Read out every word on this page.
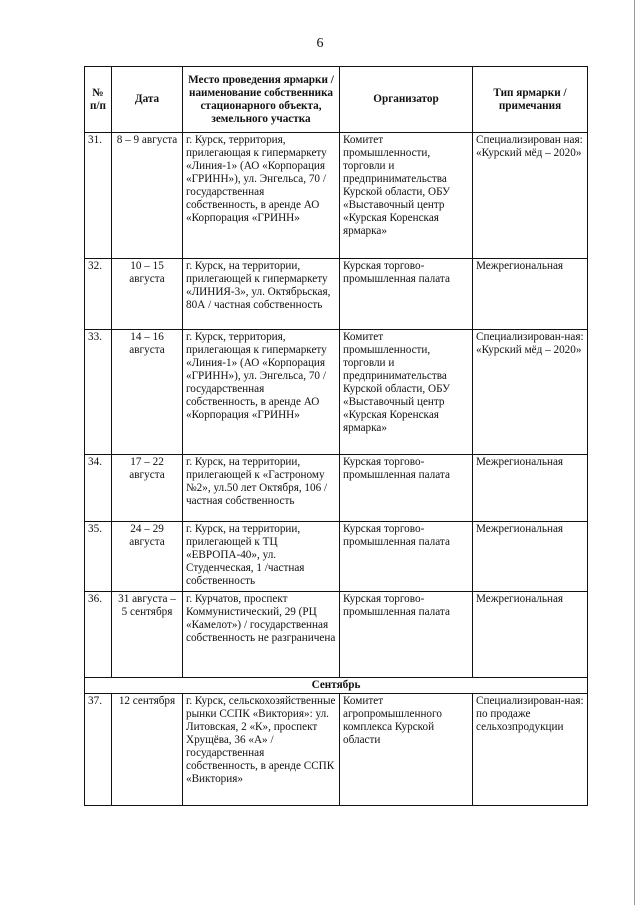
6
№ п/п	Дата	Место проведения ярмарки / наименование собственника стационарного объекта, земельного участка	Организатор	Тип ярмарки / примечания
31.	8 – 9 августа	г. Курск, территория, прилегающая к гипермаркету «Линия-1» (АО «Корпорация «ГРИНН»), ул. Энгельса, 70 / государственная собственность, в аренде АО «Корпорация «ГРИНН»	Комитет промышленности, торговли и предпринимательства Курской области, ОБУ «Выставочный центр «Курская Коренская ярмарка»	Специализирован ная: «Курский мёд – 2020»
32.	10 – 15 августа	г. Курск, на территории, прилегающей к гипермаркету «ЛИНИЯ-3», ул. Октябрьская, 80А / частная собственность	Курская торгово-промышленная палата	Межрегиональная
33.	14 – 16 августа	г. Курск, территория, прилегающая к гипермаркету «Линия-1» (АО «Корпорация «ГРИНН»), ул. Энгельса, 70 / государственная собственность, в аренде АО «Корпорация «ГРИНН»	Комитет промышленности, торговли и предпринимательства Курской области, ОБУ «Выставочный центр «Курская Коренская ярмарка»	Специализирован-ная: «Курский мёд – 2020»
34.	17 – 22 августа	г. Курск, на территории, прилегающей к «Гастроному №2», ул.50 лет Октября, 106 /частная собственность	Курская торгово-промышленная палата	Межрегиональная
35.	24 – 29 августа	г. Курск, на территории, прилегающей к ТЦ «ЕВРОПА-40», ул. Студенческая, 1 /частная собственность	Курская торгово-промышленная палата	Межрегиональная
36.	31 августа – 5 сентября	г. Курчатов, проспект Коммунистический, 29 (РЦ «Камелот») / государственная собственность не разграничена	Курская торгово-промышленная палата	Межрегиональная
Сентябрь				
37.	12 сентября	г. Курск, сельскохозяйственные рынки ССПК «Виктория»: ул. Литовская, 2 «К», проспект Хрущёва, 36 «А» / государственная собственность, в аренде ССПК «Виктория»	Комитет агропромышленного комплекса Курской области	Специализирован-ная: по продаже сельхозпродукции
